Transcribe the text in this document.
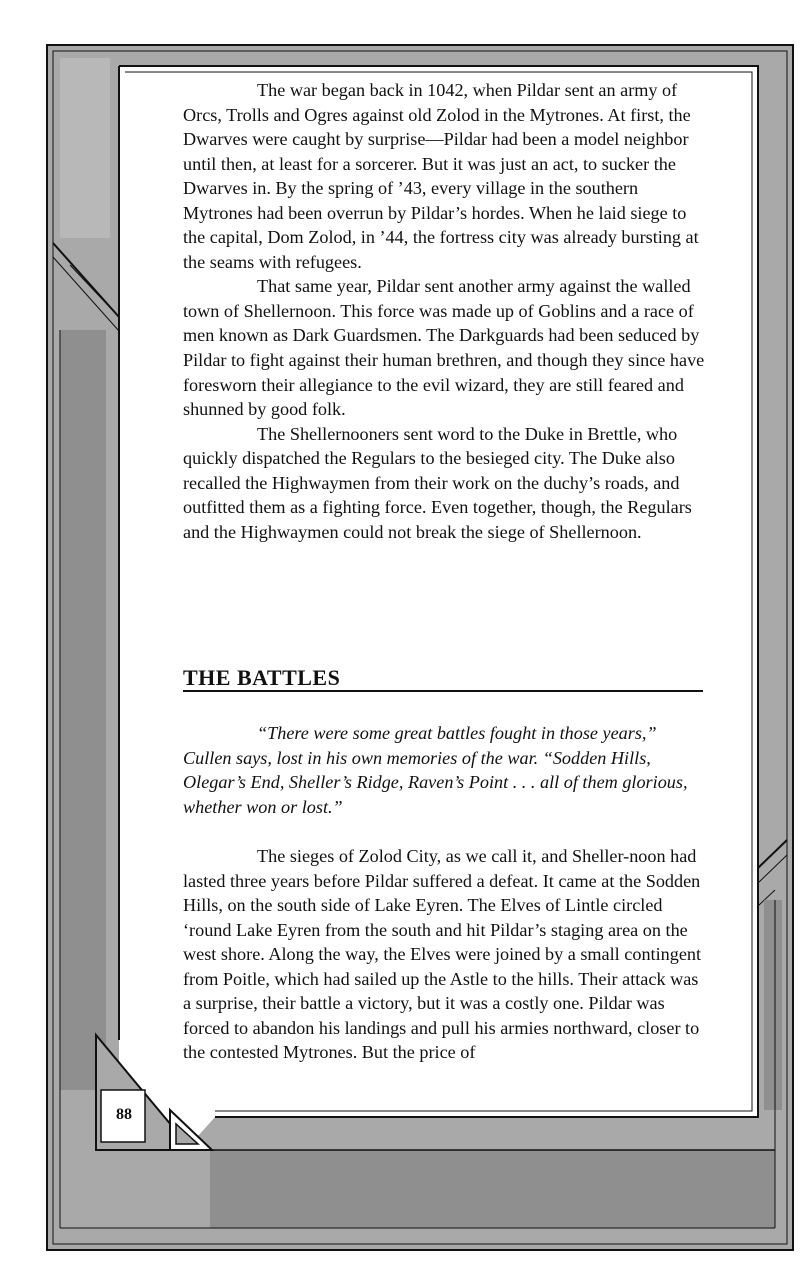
The war began back in 1042, when Pildar sent an army of Orcs, Trolls and Ogres against old Zolod in the Mytrones. At first, the Dwarves were caught by surprise—Pildar had been a model neighbor until then, at least for a sorcerer. But it was just an act, to sucker the Dwarves in. By the spring of ’43, every village in the southern Mytrones had been overrun by Pildar’s hordes. When he laid siege to the capital, Dom Zolod, in ’44, the fortress city was already bursting at the seams with refugees.

That same year, Pildar sent another army against the walled town of Shellernoon. This force was made up of Goblins and a race of men known as Dark Guardsmen. The Darkguards had been seduced by Pildar to fight against their human brethren, and though they since have foresworn their allegiance to the evil wizard, they are still feared and shunned by good folk.

The Shellernooners sent word to the Duke in Brettle, who quickly dispatched the Regulars to the besieged city. The Duke also recalled the Highwaymen from their work on the duchy’s roads, and outfitted them as a fighting force. Even together, though, the Regulars and the Highwaymen could not break the siege of Shellernoon.

THE BATTLES

“There were some great battles fought in those years,” Cullen says, lost in his own memories of the war. “Sodden Hills, Olegar’s End, Sheller’s Ridge, Raven’s Point . . . all of them glorious, whether won or lost.”

The sieges of Zolod City, as we call it, and Sheller-noon had lasted three years before Pildar suffered a defeat. It came at the Sodden Hills, on the south side of Lake Eyren. The Elves of Lintle circled ‘round Lake Eyren from the south and hit Pildar’s staging area on the west shore. Along the way, the Elves were joined by a small contingent from Poitle, which had sailed up the Astle to the hills. Their attack was a surprise, their battle a victory, but it was a costly one. Pildar was forced to abandon his landings and pull his armies northward, closer to the contested Mytrones. But the price of

88
